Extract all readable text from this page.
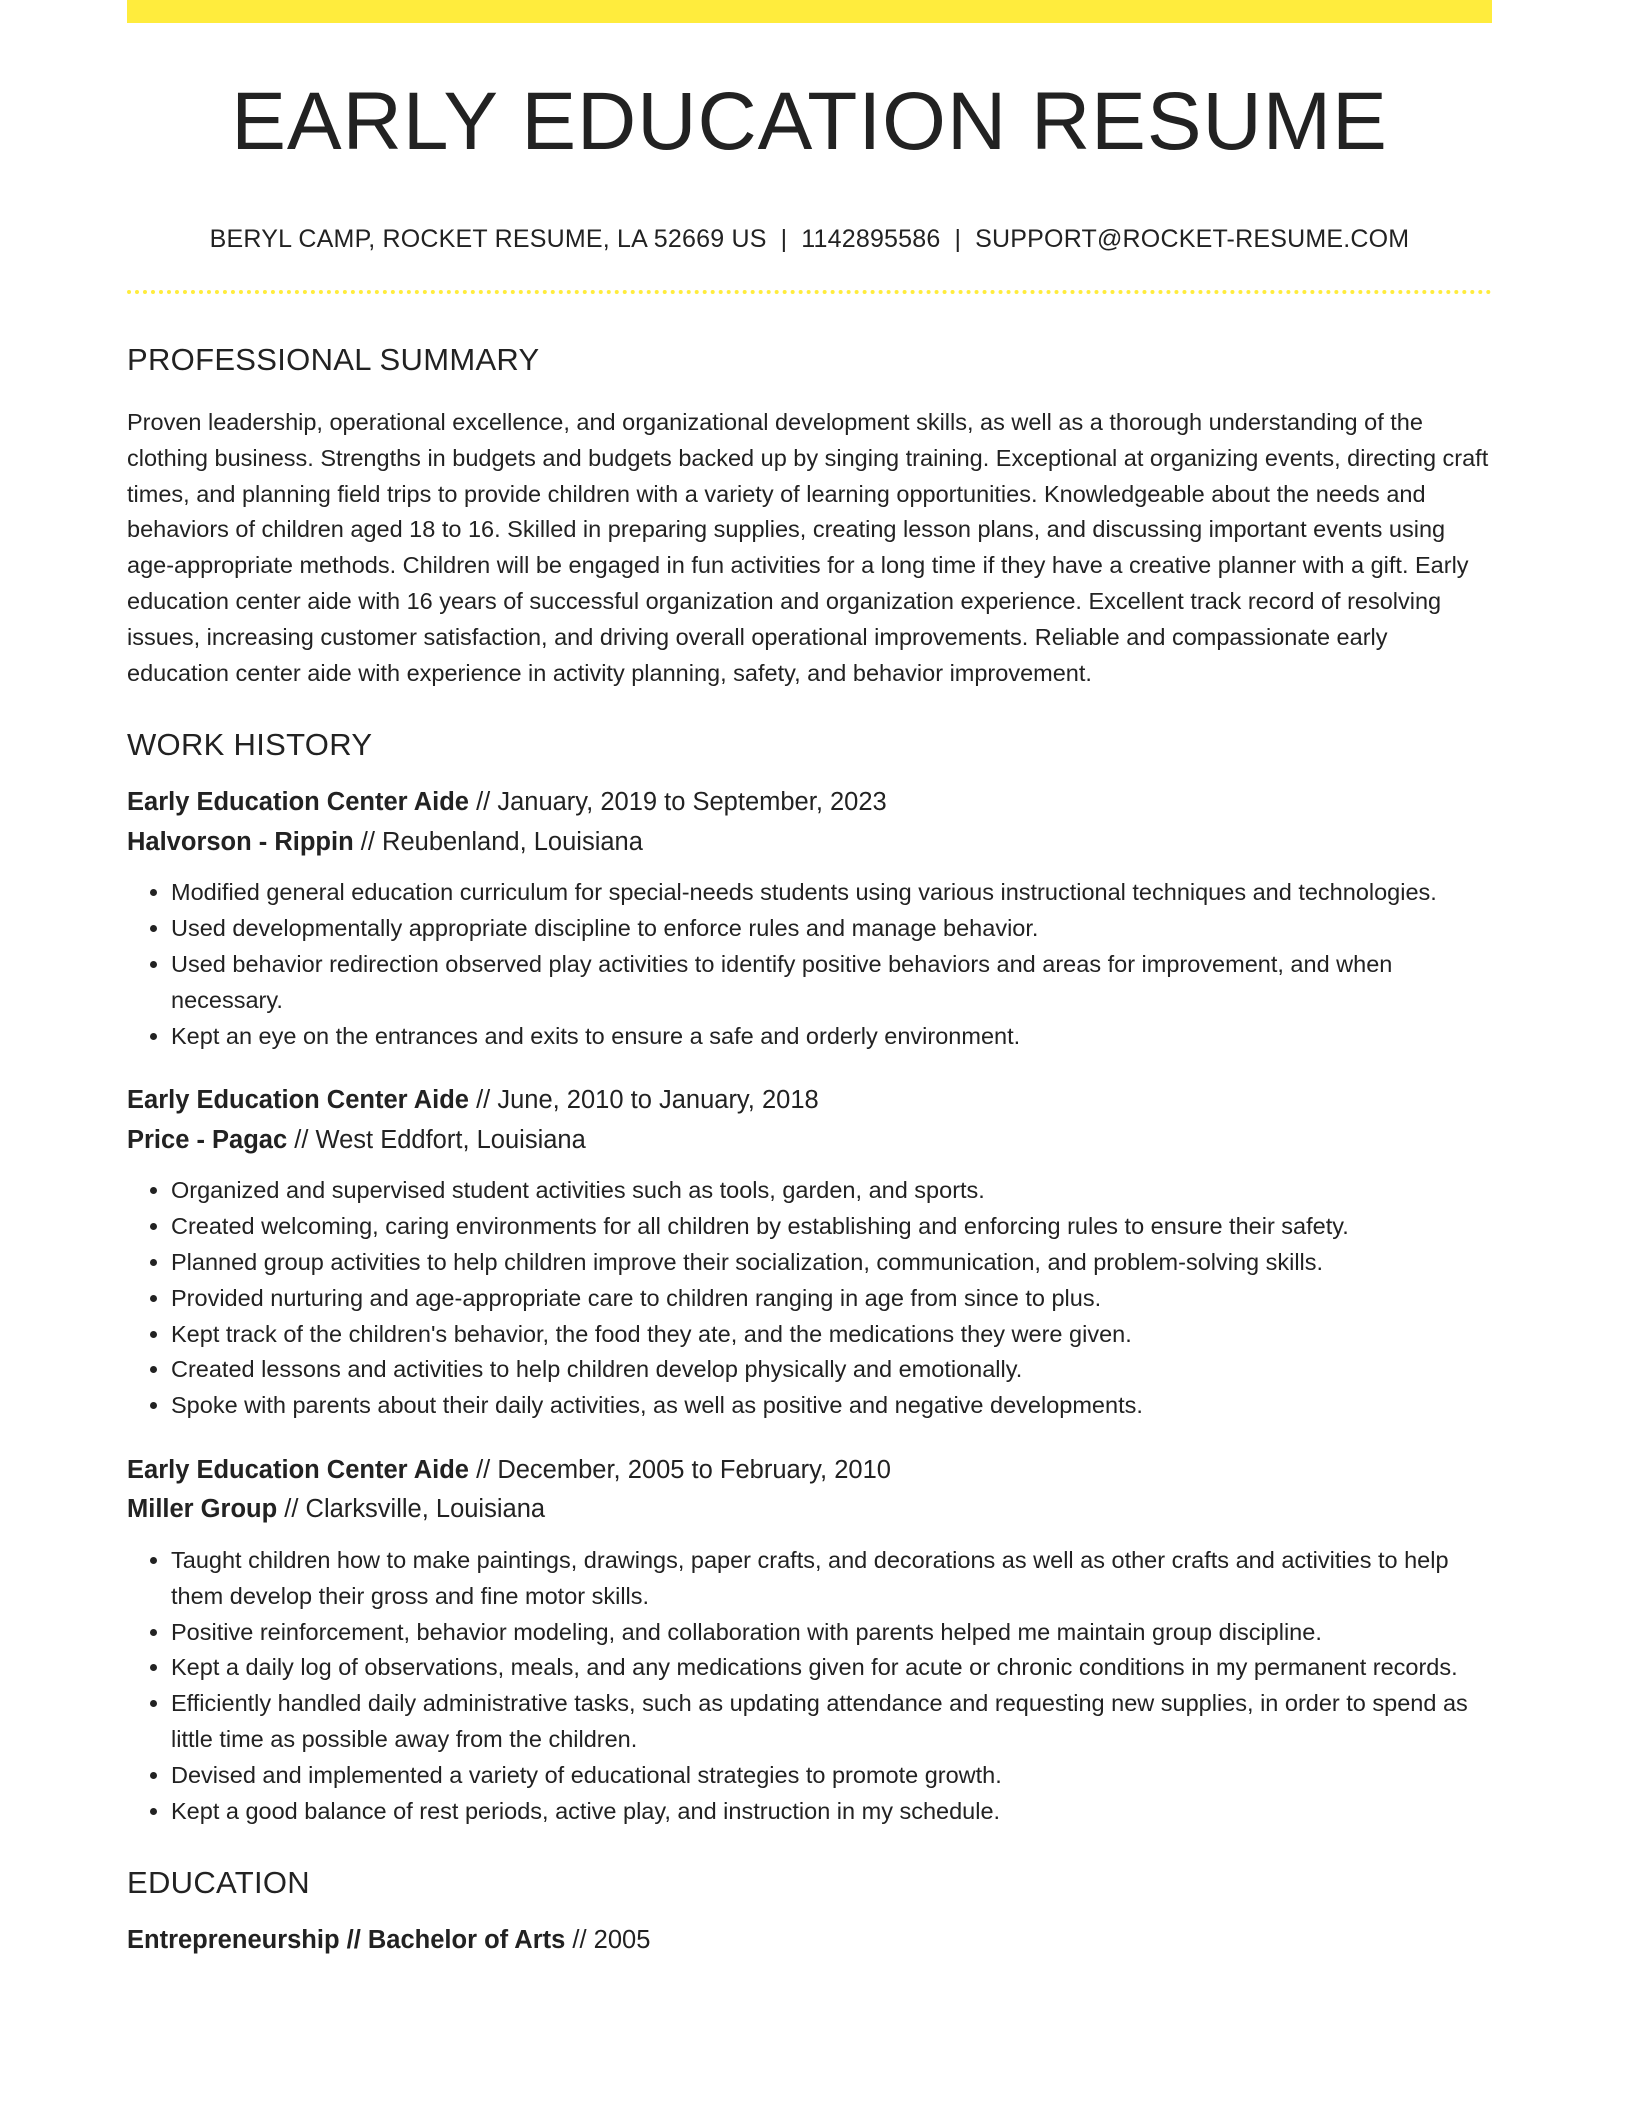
EARLY EDUCATION RESUME
BERYL CAMP, ROCKET RESUME, LA 52669 US | 1142895586 | SUPPORT@ROCKET-RESUME.COM
PROFESSIONAL SUMMARY

Proven leadership, operational excellence, and organizational development skills, as well as a thorough understanding of the clothing business. Strengths in budgets and budgets backed up by singing training. Exceptional at organizing events, directing craft times, and planning field trips to provide children with a variety of learning opportunities. Knowledgeable about the needs and behaviors of children aged 18 to 16. Skilled in preparing supplies, creating lesson plans, and discussing important events using age-appropriate methods. Children will be engaged in fun activities for a long time if they have a creative planner with a gift. Early education center aide with 16 years of successful organization and organization experience. Excellent track record of resolving issues, increasing customer satisfaction, and driving overall operational improvements. Reliable and compassionate early education center aide with experience in activity planning, safety, and behavior improvement.

WORK HISTORY
Early Education Center Aide // January, 2019 to September, 2023
Halvorson - Rippin // Reubenland, Louisiana
• Modified general education curriculum for special-needs students using various instructional techniques and technologies.
• Used developmentally appropriate discipline to enforce rules and manage behavior.
• Used behavior redirection observed play activities to identify positive behaviors and areas for improvement, and when necessary.
• Kept an eye on the entrances and exits to ensure a safe and orderly environment.
Early Education Center Aide // June, 2010 to January, 2018
Price - Pagac // West Eddfort, Louisiana
• Organized and supervised student activities such as tools, garden, and sports.
• Created welcoming, caring environments for all children by establishing and enforcing rules to ensure their safety.
• Planned group activities to help children improve their socialization, communication, and problem-solving skills.
• Provided nurturing and age-appropriate care to children ranging in age from since to plus.
• Kept track of the children's behavior, the food they ate, and the medications they were given.
• Created lessons and activities to help children develop physically and emotionally.
• Spoke with parents about their daily activities, as well as positive and negative developments.
Early Education Center Aide // December, 2005 to February, 2010
Miller Group // Clarksville, Louisiana
• Taught children how to make paintings, drawings, paper crafts, and decorations as well as other crafts and activities to help them develop their gross and fine motor skills.
• Positive reinforcement, behavior modeling, and collaboration with parents helped me maintain group discipline.
• Kept a daily log of observations, meals, and any medications given for acute or chronic conditions in my permanent records.
• Efficiently handled daily administrative tasks, such as updating attendance and requesting new supplies, in order to spend as little time as possible away from the children.
• Devised and implemented a variety of educational strategies to promote growth.
• Kept a good balance of rest periods, active play, and instruction in my schedule.
EDUCATION
Entrepreneurship // Bachelor of Arts // 2005
